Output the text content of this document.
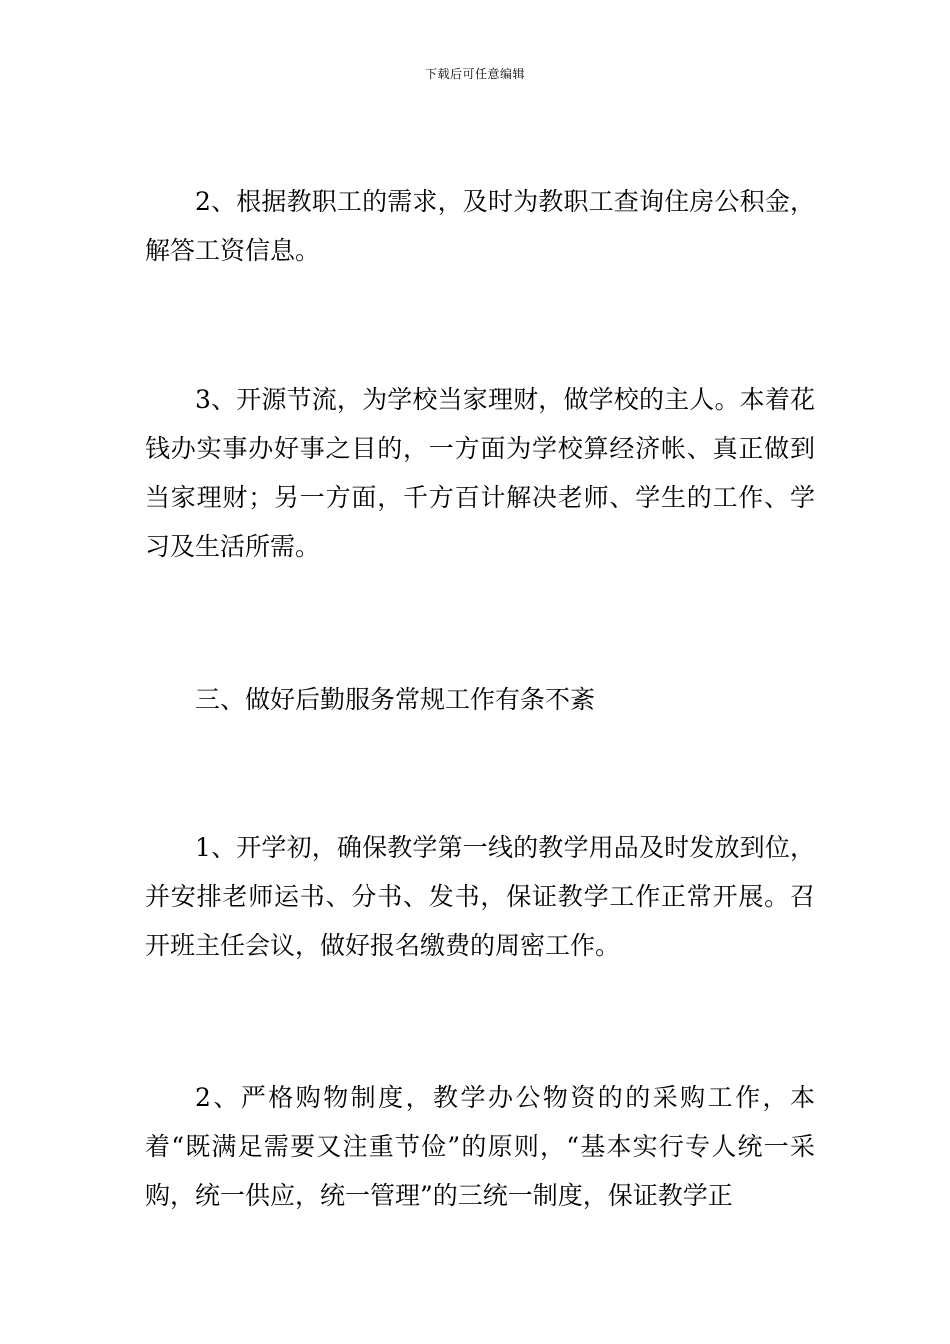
下载后可任意编辑

2、根据教职工的需求，及时为教职工查询住房公积金，解答工资信息。

3、开源节流，为学校当家理财，做学校的主人。本着花钱办实事办好事之目的，一方面为学校算经济帐、真正做到当家理财；另一方面，千方百计解决老师、学生的工作、学习及生活所需。

三、做好后勤服务常规工作有条不紊

1、开学初，确保教学第一线的教学用品及时发放到位，并安排老师运书、分书、发书，保证教学工作正常开展。召开班主任会议，做好报名缴费的周密工作。

2、严格购物制度，教学办公物资的的采购工作，本着“既满足需要又注重节俭”的原则，“基本实行专人统一采购，统一供应，统一管理”的三统一制度，保证教学正
